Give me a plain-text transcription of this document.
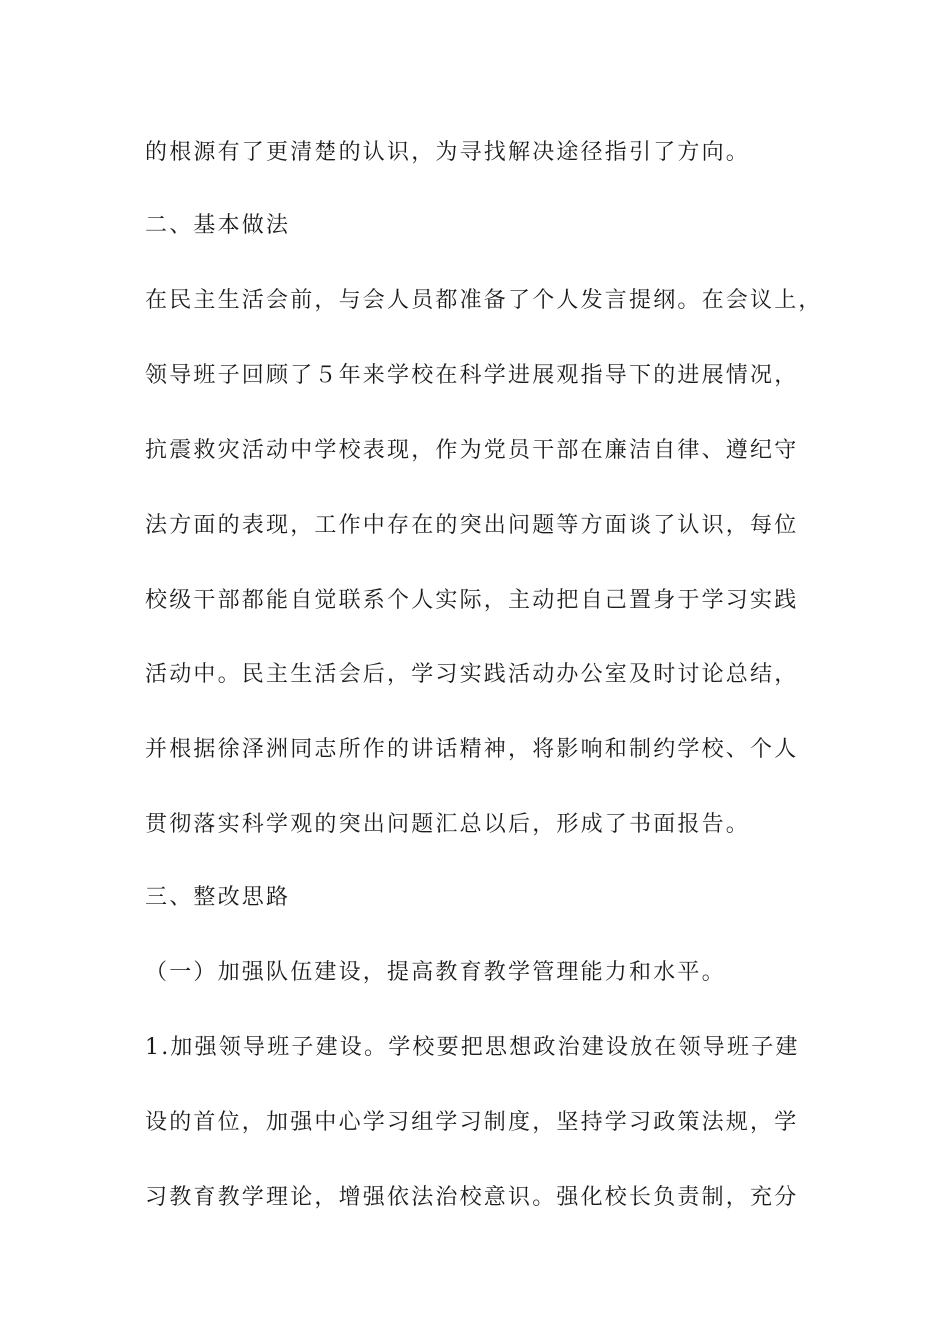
的根源有了更清楚的认识，为寻找解决途径指引了方向。

二、基本做法

在民主生活会前，与会人员都准备了个人发言提纲。在会议上，

领导班子回顾了５年来学校在科学进展观指导下的进展情况，

抗震救灾活动中学校表现，作为党员干部在廉洁自律、遵纪守

法方面的表现，工作中存在的突出问题等方面谈了认识，每位

校级干部都能自觉联系个人实际，主动把自己置身于学习实践

活动中。民主生活会后，学习实践活动办公室及时讨论总结，

并根据徐泽洲同志所作的讲话精神，将影响和制约学校、个人

贯彻落实科学观的突出问题汇总以后，形成了书面报告。

三、整改思路

（一）加强队伍建设，提高教育教学管理能力和水平。

1.加强领导班子建设。学校要把思想政治建设放在领导班子建

设的首位，加强中心学习组学习制度，坚持学习政策法规，学

习教育教学理论，增强依法治校意识。强化校长负责制，充分
